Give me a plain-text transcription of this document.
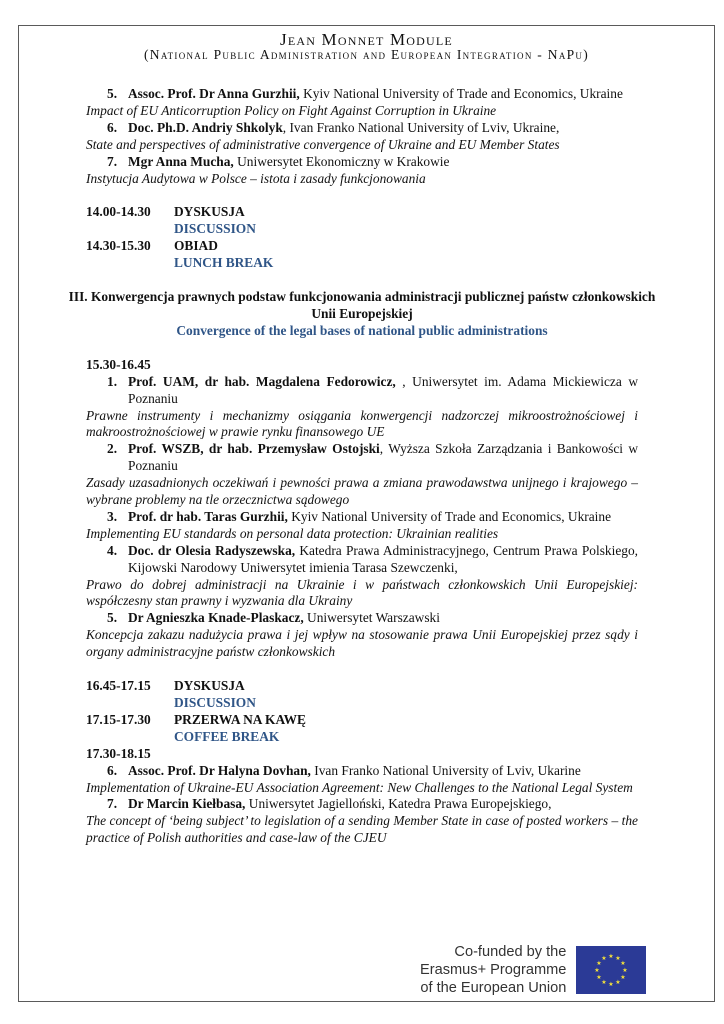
Jean Monnet Module
(National Public Administration and European Integration - NaPu)
5. Assoc. Prof. Dr Anna Gurzhii, Kyiv National University of Trade and Economics, Ukraine
Impact of EU Anticorruption Policy on Fight Against Corruption in Ukraine
6. Doc. Ph.D. Andriy Shkolyk, Ivan Franko National University of Lviv, Ukraine,
State and perspectives of administrative convergence of Ukraine and EU Member States
7. Mgr Anna Mucha, Uniwersytet Ekonomiczny w Krakowie
Instytucja Audytowa w Polsce – istota i zasady funkcjonowania
14.00-14.30	DYSKUSJA
DISCUSSION
14.30-15.30	OBIAD
LUNCH BREAK
III. Konwergencja prawnych podstaw funkcjonowania administracji publicznej państw członkowskich Unii Europejskiej
Convergence of the legal bases of national public administrations
15.30-16.45
1. Prof. UAM, dr hab. Magdalena Fedorowicz, , Uniwersytet im. Adama Mickiewicza w Poznaniu
Prawne instrumenty i mechanizmy osiągania konwergencji nadzorczej mikroostrożnościowej i makroostrożnościowej w prawie rynku finansowego UE
2. Prof. WSZB, dr hab. Przemysław Ostojski, Wyższa Szkoła Zarządzania i Bankowości w Poznaniu
Zasady uzasadnionych oczekiwań i pewności prawa a zmiana prawodawstwa unijnego i krajowego – wybrane problemy na tle orzecznictwa sądowego
3. Prof. dr hab. Taras Gurzhii, Kyiv National University of Trade and Economics, Ukraine
Implementing EU standards on personal data protection: Ukrainian realities
4. Doc. dr Olesia Radyszewska, Katedra Prawa Administracyjnego, Centrum Prawa Polskiego, Kijowski Narodowy Uniwersytet imienia Tarasa Szewczenki,
Prawo do dobrej administracji na Ukrainie i w państwach członkowskich Unii Europejskiej: współczesny stan prawny i wyzwania dla Ukrainy
5. Dr Agnieszka Knade-Plaskacz, Uniwersytet Warszawski
Koncepcja zakazu nadużycia prawa i jej wpływ na stosowanie prawa Unii Europejskiej przez sądy i organy administracyjne państw członkowskich
16.45-17.15	DYSKUSJA
DISCUSSION
17.15-17.30	PRZERWA NA KAWĘ
COFFEE BREAK
17.30-18.15
6. Assoc. Prof. Dr Halyna Dovhan, Ivan Franko National University of Lviv, Ukarine
Implementation of Ukraine-EU Association Agreement: New Challenges to the National Legal System
7. Dr Marcin Kiełbasa, Uniwersytet Jagielloński, Katedra Prawa Europejskiego,
The concept of ‘being subject’ to legislation of a sending Member State in case of posted workers – the practice of Polish authorities and case-law of the CJEU
Co-funded by the
Erasmus+ Programme
of the European Union
★ ★
★
★
★
★
★
★
★
★
★
★
